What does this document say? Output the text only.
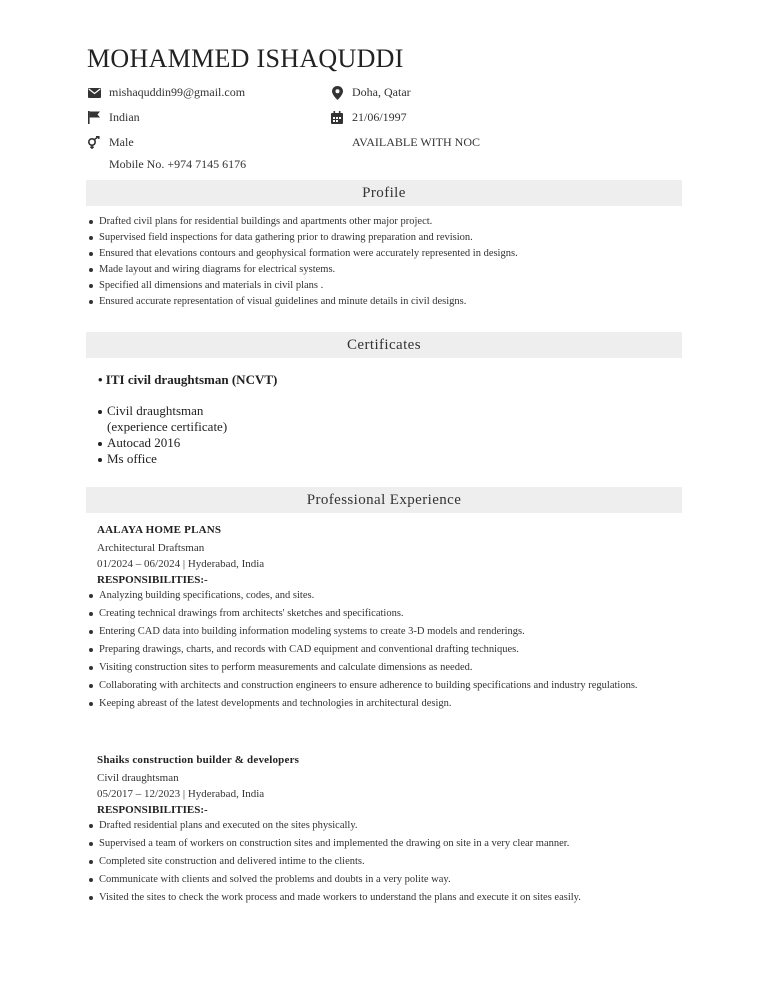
MOHAMMED ISHAQUDDI
mishaquddin99@gmail.com	Doha, Qatar
Indian	21/06/1997
Male	AVAILABLE WITH NOC
Mobile No. +974 7145 6176
Profile
Drafted civil plans for residential buildings and apartments other major project.
Supervised field inspections for data gathering prior to drawing preparation and revision.
Ensured that elevations contours and geophysical formation were accurately represented in designs.
Made layout and wiring diagrams for electrical systems.
Specified all dimensions and materials in civil plans .
Ensured accurate representation of visual guidelines and minute details in civil designs.
Certificates
• ITI civil draughtsman (NCVT)
Civil draughtsman
(experience certificate)
Autocad 2016
Ms office
Professional Experience
AALAYA HOME PLANS
Architectural Draftsman
01/2024 – 06/2024 | Hyderabad, India
RESPONSIBILITIES:-
Analyzing building specifications, codes, and sites.
Creating technical drawings from architects' sketches and specifications.
Entering CAD data into building information modeling systems to create 3-D models and renderings.
Preparing drawings, charts, and records with CAD equipment and conventional drafting techniques.
Visiting construction sites to perform measurements and calculate dimensions as needed.
Collaborating with architects and construction engineers to ensure adherence to building specifications and industry regulations.
Keeping abreast of the latest developments and technologies in architectural design.
Shaiks construction builder & developers
Civil draughtsman
05/2017 – 12/2023 | Hyderabad, India
RESPONSIBILITIES:-
Drafted residential plans and executed on the sites physically.
Supervised a team of workers on construction sites and implemented the drawing on site in a very clear manner.
Completed site construction and delivered intime to the clients.
Communicate with clients and solved the problems and doubts in a very polite way.
Visited the sites to check the work process and made workers to understand the plans and execute it on sites easily.
